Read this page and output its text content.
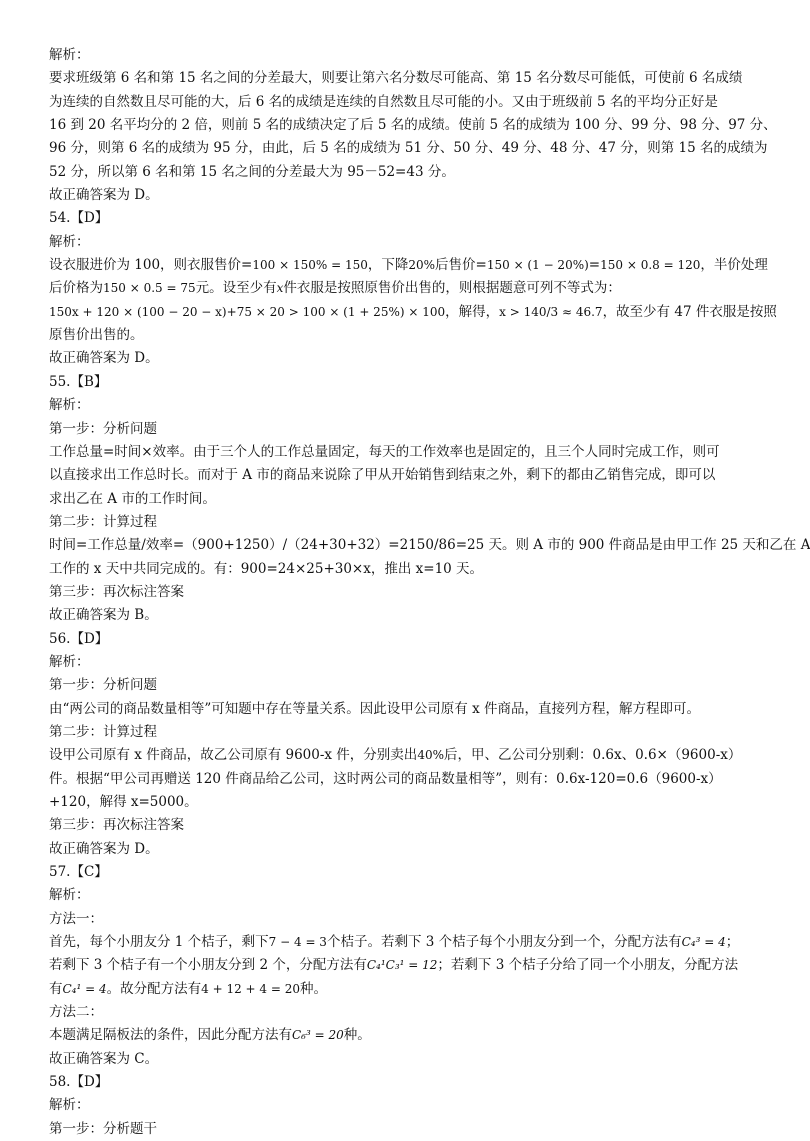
解析：
要求班级第 6 名和第 15 名之间的分差最大，则要让第六名分数尽可能高、第 15 名分数尽可能低，可使前 6 名成绩
为连续的自然数且尽可能的大，后 6 名的成绩是连续的自然数且尽可能的小。又由于班级前 5 名的平均分正好是
16 到 20 名平均分的 2 倍，则前 5 名的成绩决定了后 5 名的成绩。使前 5 名的成绩为 100 分、99 分、98 分、97 分、
96 分，则第 6 名的成绩为 95 分，由此，后 5 名的成绩为 51 分、50 分、49 分、48 分、47 分，则第 15 名的成绩为
52 分，所以第 6 名和第 15 名之间的分差最大为 95－52=43 分。
故正确答案为 D。
54.【D】
解析：
设衣服进价为 100，则衣服售价=100 × 150% = 150，下降20%后售价=150 × (1 − 20%)=150 × 0.8 = 120，半价处理
后价格为150 × 0.5 = 75元。设至少有x件衣服是按照原售价出售的，则根据题意可列不等式为：
150x + 120 × (100 − 20 − x)+75 × 20 > 100 × (1 + 25%) × 100，解得，x > 140/3 ≈ 46.7，故至少有 47 件衣服是按照
原售价出售的。
故正确答案为 D。
55.【B】
解析：
第一步：分析问题
工作总量=时间×效率。由于三个人的工作总量固定，每天的工作效率也是固定的，且三个人同时完成工作，则可
以直接求出工作总时长。而对于 A 市的商品来说除了甲从开始销售到结束之外，剩下的都由乙销售完成，即可以
求出乙在 A 市的工作时间。
第二步：计算过程
时间=工作总量/效率=（900+1250）/（24+30+32）=2150/86=25 天。则 A 市的 900 件商品是由甲工作 25 天和乙在 A
工作的 x 天中共同完成的。有：900=24×25+30×x，推出 x=10 天。
第三步：再次标注答案
故正确答案为 B。
56.【D】
解析：
第一步：分析问题
由“两公司的商品数量相等”可知题中存在等量关系。因此设甲公司原有 x 件商品，直接列方程，解方程即可。
第二步：计算过程
设甲公司原有 x 件商品，故乙公司原有 9600-x 件，分别卖出40%后，甲、乙公司分别剩：0.6x、0.6×（9600-x）
件。根据“甲公司再赠送 120 件商品给乙公司，这时两公司的商品数量相等”，则有：0.6x-120=0.6（9600-x）
+120，解得 x=5000。
第三步：再次标注答案
故正确答案为 D。
57.【C】
解析：
方法一：
首先，每个小朋友分 1 个桔子，剩下7 − 4 = 3个桔子。若剩下 3 个桔子每个小朋友分到一个，分配方法有C₄³ = 4；
若剩下 3 个桔子有一个小朋友分到 2 个，分配方法有C₄¹C₃¹ = 12；若剩下 3 个桔子分给了同一个小朋友，分配方法
有C₄¹ = 4。故分配方法有4 + 12 + 4 = 20种。
方法二：
本题满足隔板法的条件，因此分配方法有C₆³ = 20种。
故正确答案为 C。
58.【D】
解析：
第一步：分析题干
